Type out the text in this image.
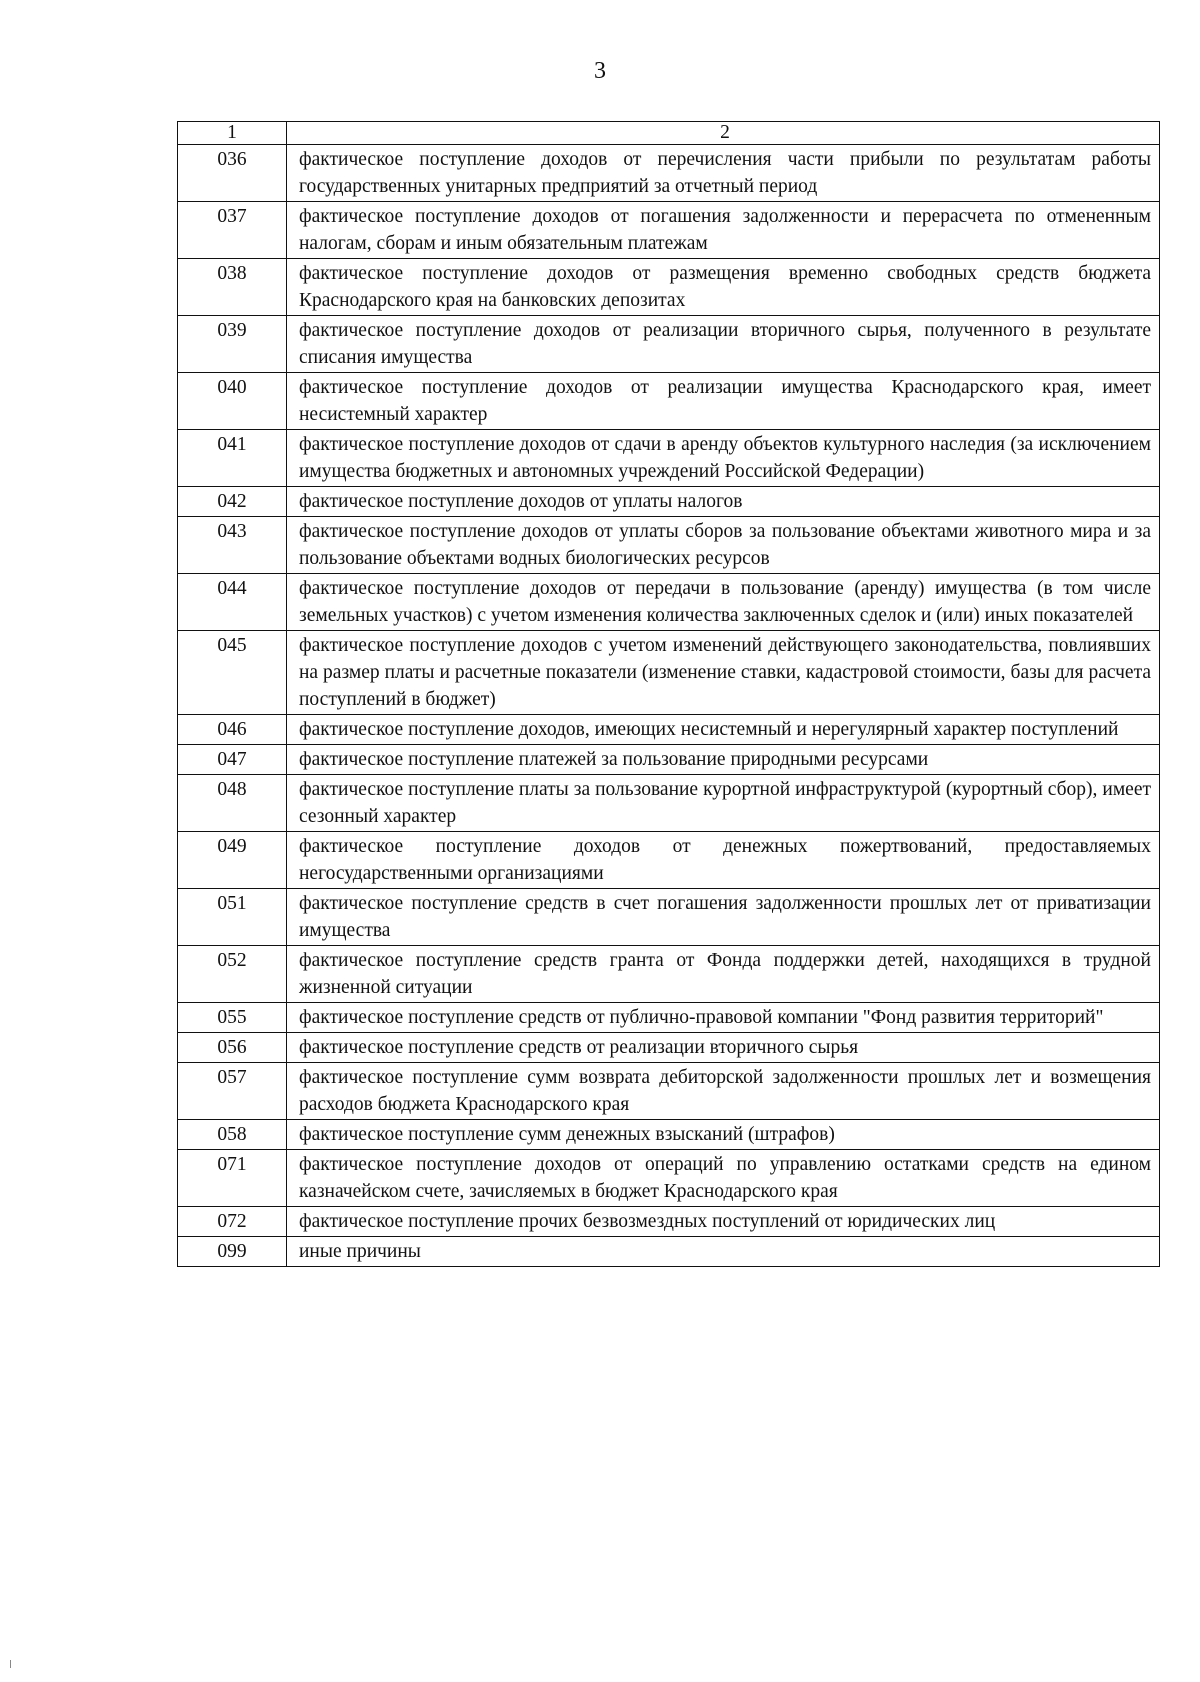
3
1	2
036	фактическое поступление доходов от перечисления части прибыли по результатам работы государственных унитарных предприятий за отчетный период
037	фактическое поступление доходов от погашения задолженности и перерасчета по отмененным налогам, сборам и иным обязательным платежам
038	фактическое поступление доходов от размещения временно свободных средств бюджета Краснодарского края на банковских депозитах
039	фактическое поступление доходов от реализации вторичного сырья, полученного в результате списания имущества
040	фактическое поступление доходов от реализации имущества Краснодарского края, имеет несистемный характер
041	фактическое поступление доходов от сдачи в аренду объектов культурного наследия (за исключением имущества бюджетных и автономных учреждений Российской Федерации)
042	фактическое поступление доходов от уплаты налогов
043	фактическое поступление доходов от уплаты сборов за пользование объектами животного мира и за пользование объектами водных биологических ресурсов
044	фактическое поступление доходов от передачи в пользование (аренду) имущества (в том числе земельных участков) с учетом изменения количества заключенных сделок и (или) иных показателей
045	фактическое поступление доходов с учетом изменений действующего законодательства, повлиявших на размер платы и расчетные показатели (изменение ставки, кадастровой стоимости, базы для расчета поступлений в бюджет)
046	фактическое поступление доходов, имеющих несистемный и нерегулярный характер поступлений
047	фактическое поступление платежей за пользование природными ресурсами
048	фактическое поступление платы за пользование курортной инфраструктурой (курортный сбор), имеет сезонный характер
049	фактическое поступление доходов от денежных пожертвований, предоставляемых негосударственными организациями
051	фактическое поступление средств в счет погашения задолженности прошлых лет от приватизации имущества
052	фактическое поступление средств гранта от Фонда поддержки детей, находящихся в трудной жизненной ситуации
055	фактическое поступление средств от публично-правовой компании "Фонд развития территорий"
056	фактическое поступление средств от реализации вторичного сырья
057	фактическое поступление сумм возврата дебиторской задолженности прошлых лет и возмещения расходов бюджета Краснодарского края
058	фактическое поступление сумм денежных взысканий (штрафов)
071	фактическое поступление доходов от операций по управлению остатками средств на едином казначейском счете, зачисляемых в бюджет Краснодарского края
072	фактическое поступление прочих безвозмездных поступлений от юридических лиц
099	иные причины
